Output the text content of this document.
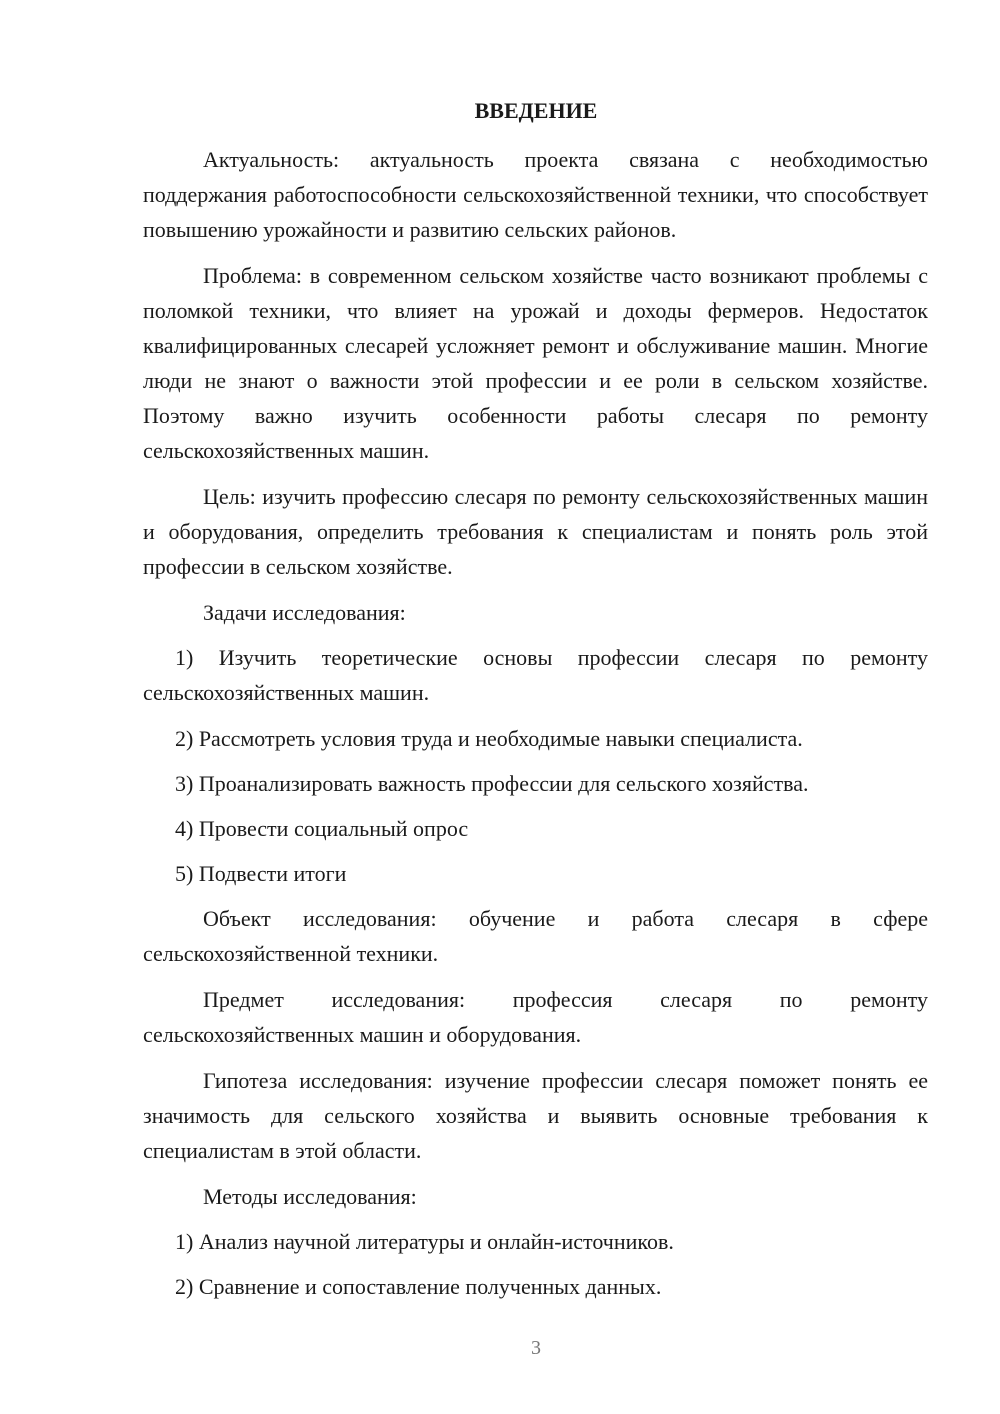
ВВЕДЕНИЕ

Актуальность: актуальность проекта связана с необходимостью поддержания работоспособности сельскохозяйственной техники, что способствует повышению урожайности и развитию сельских районов.

Проблема: в современном сельском хозяйстве часто возникают проблемы с поломкой техники, что влияет на урожай и доходы фермеров. Недостаток квалифицированных слесарей усложняет ремонт и обслуживание машин. Многие люди не знают о важности этой профессии и ее роли в сельском хозяйстве. Поэтому важно изучить особенности работы слесаря по ремонту сельскохозяйственных машин.

Цель: изучить профессию слесаря по ремонту сельскохозяйственных машин и оборудования, определить требования к специалистам и понять роль этой профессии в сельском хозяйстве.

Задачи исследования:

1) Изучить теоретические основы профессии слесаря по ремонту сельскохозяйственных машин.

2) Рассмотреть условия труда и необходимые навыки специалиста.

3) Проанализировать важность профессии для сельского хозяйства.

4) Провести социальный опрос

5) Подвести итоги

Объект исследования: обучение и работа слесаря в сфере сельскохозяйственной техники.

Предмет исследования: профессия слесаря по ремонту сельскохозяйственных машин и оборудования.

Гипотеза исследования: изучение профессии слесаря поможет понять ее значимость для сельского хозяйства и выявить основные требования к специалистам в этой области.

Методы исследования:

1) Анализ научной литературы и онлайн-источников.

2) Сравнение и сопоставление полученных данных.

3
